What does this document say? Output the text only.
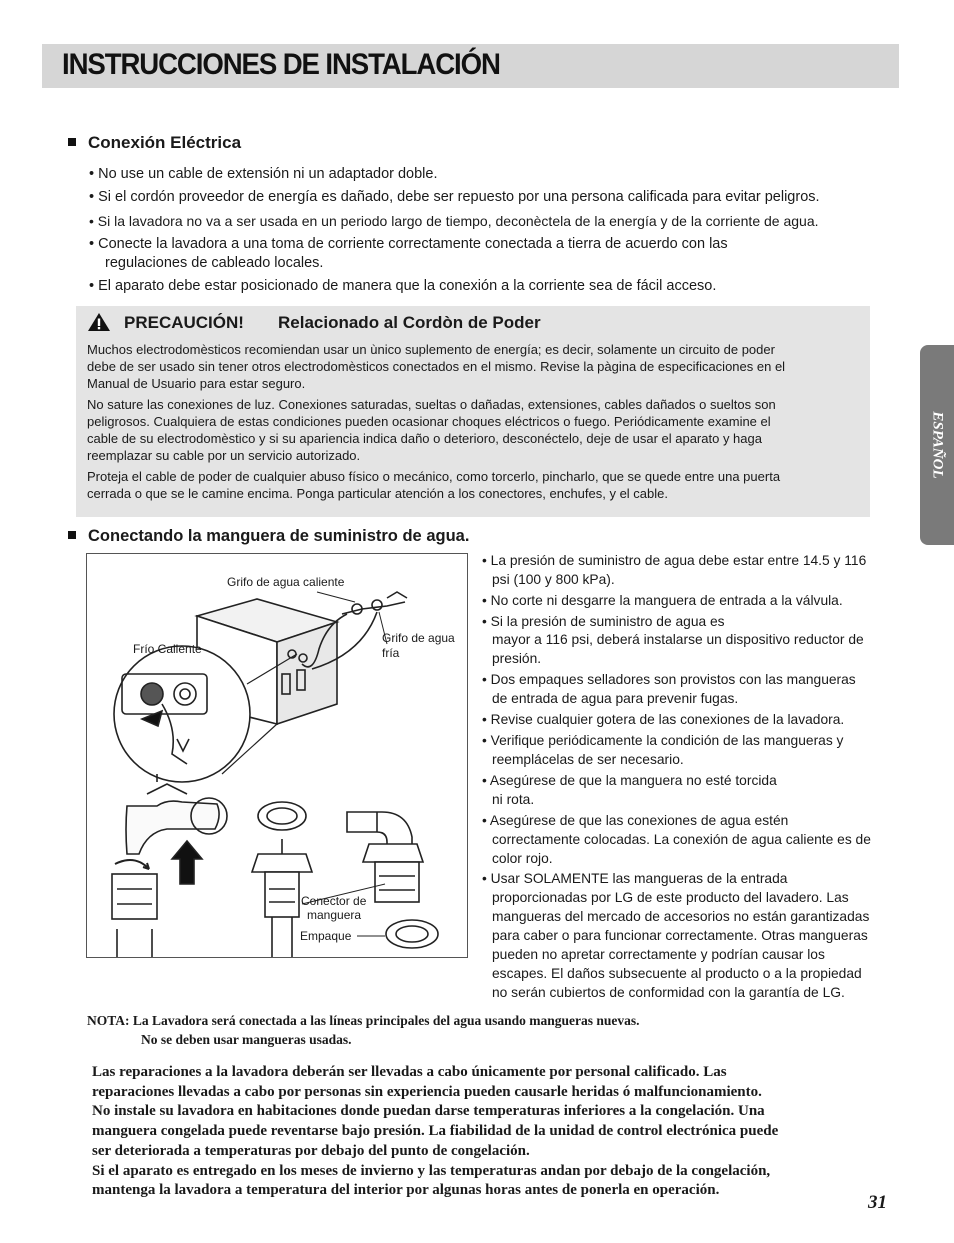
INSTRUCCIONES DE INSTALACIÓN
ESPAÑOL
Conexión Eléctrica
• No use un cable de extensión ni un adaptador doble.
• Si el cordón proveedor de energía es dañado, debe ser repuesto por una persona calificada para evitar peligros.
• Si la lavadora no va a ser usada en un periodo largo de tiempo, deconèctela de la energía y de la corriente de agua.
• Conecte la lavadora a una toma de corriente correctamente conectada a tierra de acuerdo con las
regulaciones de cableado locales.
• El aparato debe estar posicionado de manera que la conexión a la corriente sea de fácil acceso.
PRECAUCIÓN! Relacionado al Cordòn de Poder
Muchos electrodomèsticos recomiendan usar un ùnico suplemento de energía; es decir, solamente un circuito de poder
debe de ser usado sin tener otros electrodomèsticos conectados en el mismo. Revise la pàgina de especificaciones en el
Manual de Usuario para estar seguro.
No sature las conexiones de luz. Conexiones saturadas, sueltas o dañadas, extensiones, cables dañados o sueltos son
peligrosos. Cualquiera de estas condiciones pueden ocasionar choques eléctricos o fuego. Periódicamente examine el
cable de su electrodomèstico y si su apariencia indica daño o deterioro, desconéctelo, deje de usar el aparato y haga
reemplazar su cable por un servicio autorizado.
Proteja el cable de poder de cualquier abuso físico o mecánico, como torcerlo, pincharlo, que se quede entre una puerta
cerrada o que se le camine encima. Ponga particular atención a los conectores, enchufes, y el cable.
Conectando la manguera de suministro de agua.
Grifo de agua caliente
Grifo de agua
fría
Frío Caliente
Conector de
manguera
Empaque
• La presión de suministro de agua debe estar entre 14.5 y 116
psi (100 y 800 kPa).
• No corte ni desgarre la manguera de entrada a la válvula.
• Si la presión de suministro de agua es
mayor a 116 psi, deberá instalarse un dispositivo reductor de
presión.
• Dos empaques selladores son provistos con las mangueras
de entrada de agua para prevenir fugas.
• Revise cualquier gotera de las conexiones de la lavadora.
• Verifique periódicamente la condición de las mangueras y
reemplácelas de ser necesario.
• Asegúrese de que la manguera no esté torcida
ni rota.
• Asegúrese de que las conexiones de agua estén
correctamente colocadas. La conexión de agua caliente es de
color rojo.
• Usar SOLAMENTE las mangueras de la entrada
proporcionadas por LG de este producto del lavadero. Las
mangueras del mercado de accesorios no están garantizadas
para caber o para funcionar correctamente. Otras mangueras
pueden no apretar correctamente y podrían causar los
escapes. El daños subsecuente al producto o a la propiedad
no serán cubiertos de conformidad con la garantía de LG.
NOTA: La Lavadora será conectada a las líneas principales del agua usando mangueras nuevas.
No se deben usar mangueras usadas.
Las reparaciones a la lavadora deberán ser llevadas a cabo únicamente por personal calificado. Las
reparaciones llevadas a cabo por personas sin experiencia pueden causarle heridas ó malfuncionamiento.
No instale su lavadora en habitaciones donde puedan darse temperaturas inferiores a la congelación. Una
manguera congelada puede reventarse bajo presión. La fiabilidad de la unidad de control electrónica puede
ser deteriorada a temperaturas por debajo del punto de congelación.
Si el aparato es entregado en los meses de invierno y las temperaturas andan por debajo de la congelación,
mantenga la lavadora a temperatura del interior por algunas horas antes de ponerla en operación.
31
